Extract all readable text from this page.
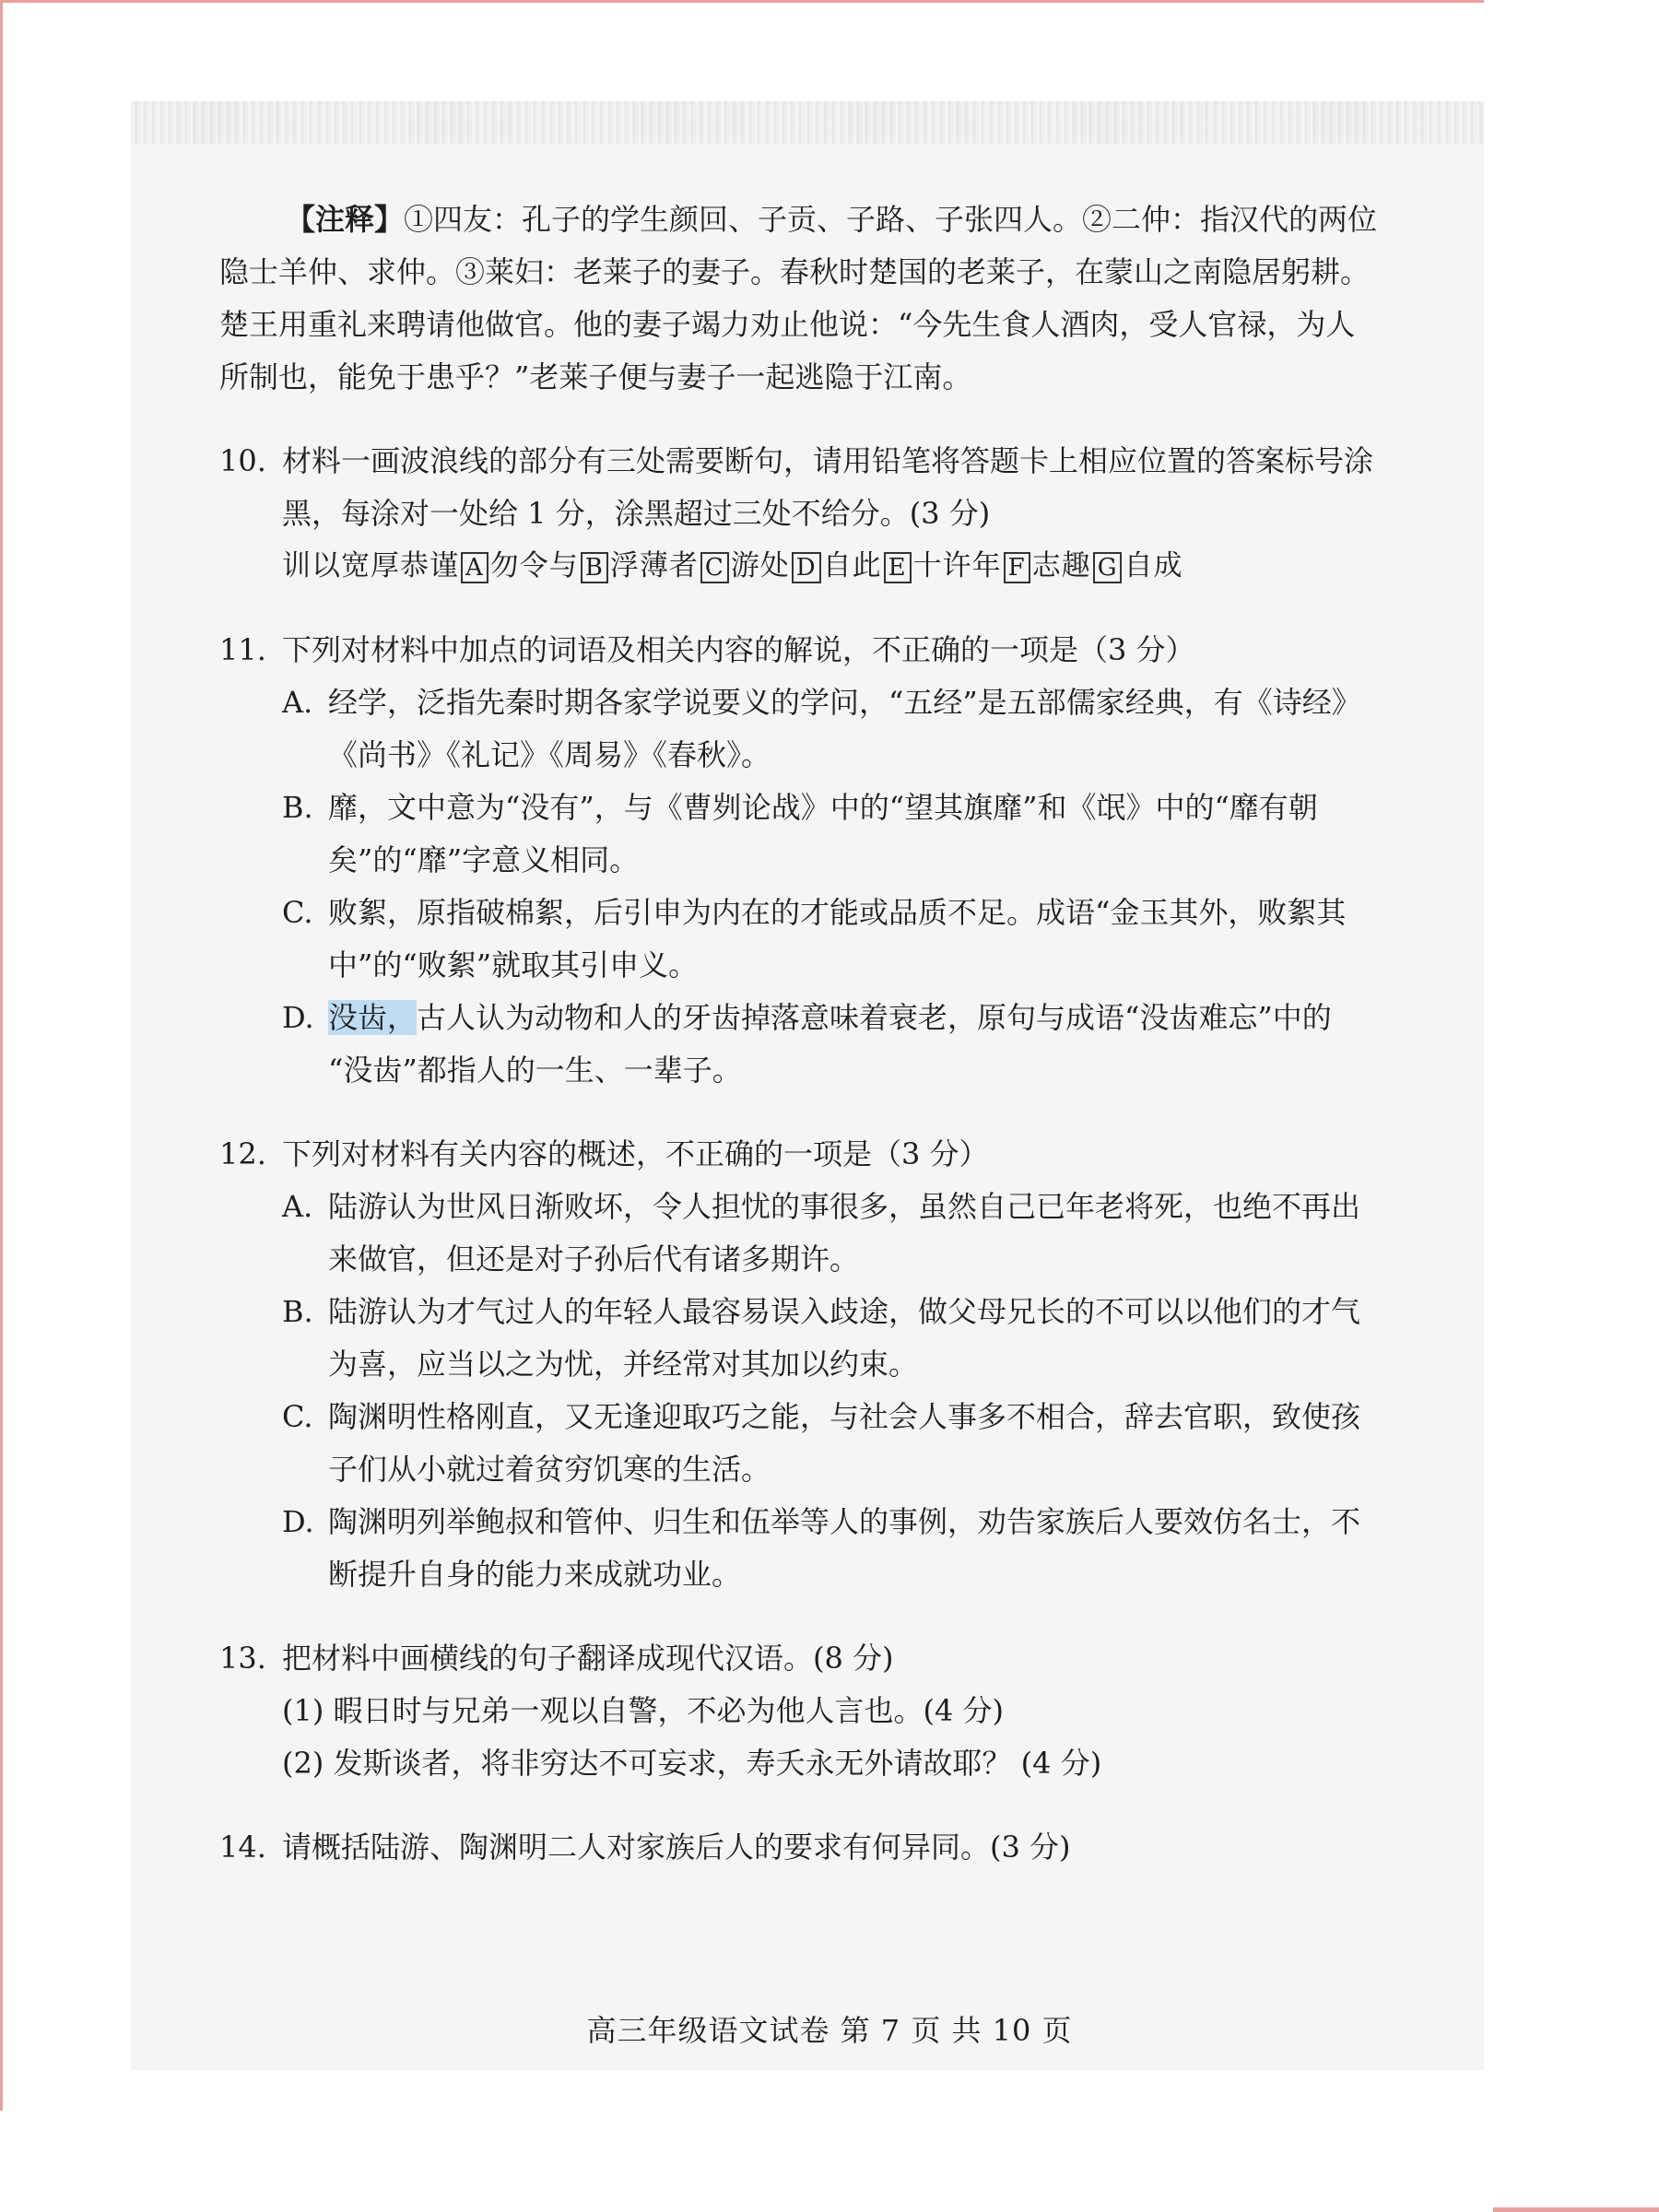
【注释】①四友：孔子的学生颜回、子贡、子路、子张四人。②二仲：指汉代的两位

隐士羊仲、求仲。③莱妇：老莱子的妻子。春秋时楚国的老莱子，在蒙山之南隐居躬耕。

楚王用重礼来聘请他做官。他的妻子竭力劝止他说：“今先生食人酒肉，受人官禄，为人

所制也，能免于患乎？”老莱子便与妻子一起逃隐于江南。

10. 材料一画波浪线的部分有三处需要断句，请用铅笔将答题卡上相应位置的答案标号涂

黑，每涂对一处给 1 分，涂黑超过三处不给分。(3 分)

训以宽厚恭谨 A 勿令与 B 浮薄者 C 游处 D 自此 E 十许年 F 志趣 G 自成

11. 下列对材料中加点的词语及相关内容的解说，不正确的一项是（3 分）

A. 经学，泛指先秦时期各家学说要义的学问，“五经”是五部儒家经典，有《诗经》

《尚书》《礼记》《周易》《春秋》。

B. 靡，文中意为“没有”，与《曹刿论战》中的“望其旗靡”和《氓》中的“靡有朝

矣”的“靡”字意义相同。

C. 败絮，原指破棉絮，后引申为内在的才能或品质不足。成语“金玉其外，败絮其

中”的“败絮”就取其引申义。

D. 没齿，古人认为动物和人的牙齿掉落意味着衰老，原句与成语“没齿难忘”中的

“没齿”都指人的一生、一辈子。

12. 下列对材料有关内容的概述，不正确的一项是（3 分）

A. 陆游认为世风日渐败坏，令人担忧的事很多，虽然自己已年老将死，也绝不再出

来做官，但还是对子孙后代有诸多期许。

B. 陆游认为才气过人的年轻人最容易误入歧途，做父母兄长的不可以以他们的才气

为喜，应当以之为忧，并经常对其加以约束。

C. 陶渊明性格刚直，又无逢迎取巧之能，与社会人事多不相合，辞去官职，致使孩

子们从小就过着贫穷饥寒的生活。

D. 陶渊明列举鲍叔和管仲、归生和伍举等人的事例，劝告家族后人要效仿名士，不

断提升自身的能力来成就功业。

13. 把材料中画横线的句子翻译成现代汉语。(8 分)

(1) 暇日时与兄弟一观以自警，不必为他人言也。(4 分)

(2) 发斯谈者，将非穷达不可妄求，寿夭永无外请故耶？ (4 分)

14. 请概括陆游、陶渊明二人对家族后人的要求有何异同。(3 分)

高三年级语文试卷 第 7 页 共 10 页
